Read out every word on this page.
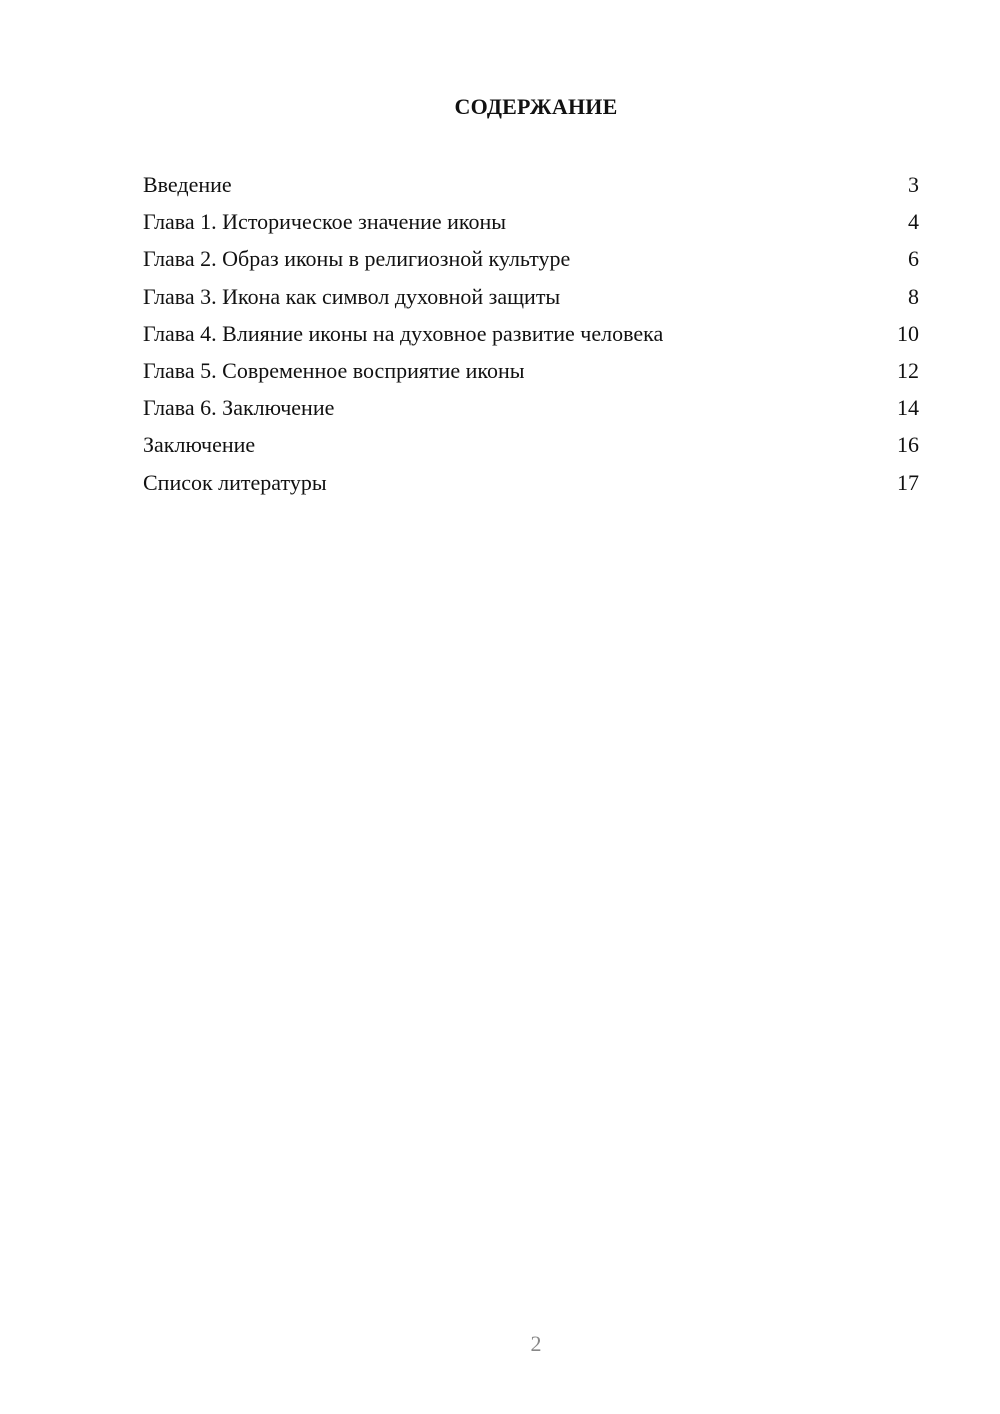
СОДЕРЖАНИЕ
Введение	3
Глава 1. Историческое значение иконы	4
Глава 2. Образ иконы в религиозной культуре	6
Глава 3. Икона как символ духовной защиты	8
Глава 4. Влияние иконы на духовное развитие человека	10
Глава 5. Современное восприятие иконы	12
Глава 6. Заключение	14
Заключение	16
Список литературы	17
2
